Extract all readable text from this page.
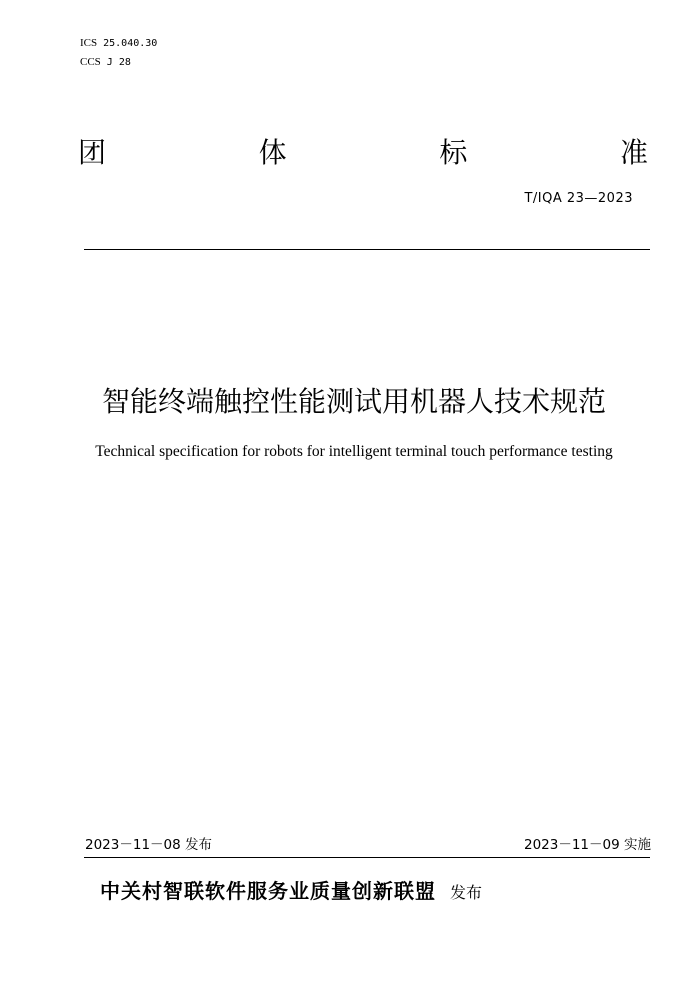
ICS 25.040.30
CCS J 28
团	体	标	准
T/IQA 23—2023
智能终端触控性能测试用机器人技术规范
Technical specification for robots for intelligent terminal touch performance testing
2023－11－08 发布	2023－11－09 实施
中关村智联软件服务业质量创新联盟 发布
